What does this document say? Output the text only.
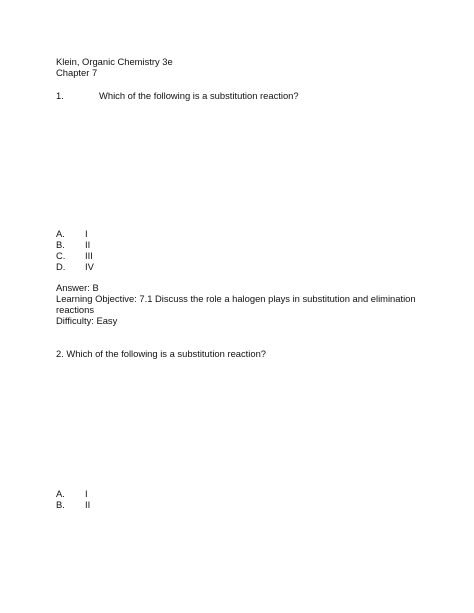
Klein, Organic Chemistry 3e
Chapter 7
1.	Which of the following is a substitution reaction?
A. I
B. II
C. III
D. IV
Answer: B
Learning Objective: 7.1 Discuss the role a halogen plays in substitution and elimination reactions
Difficulty: Easy
2. Which of the following is a substitution reaction?
A. I
B. II
